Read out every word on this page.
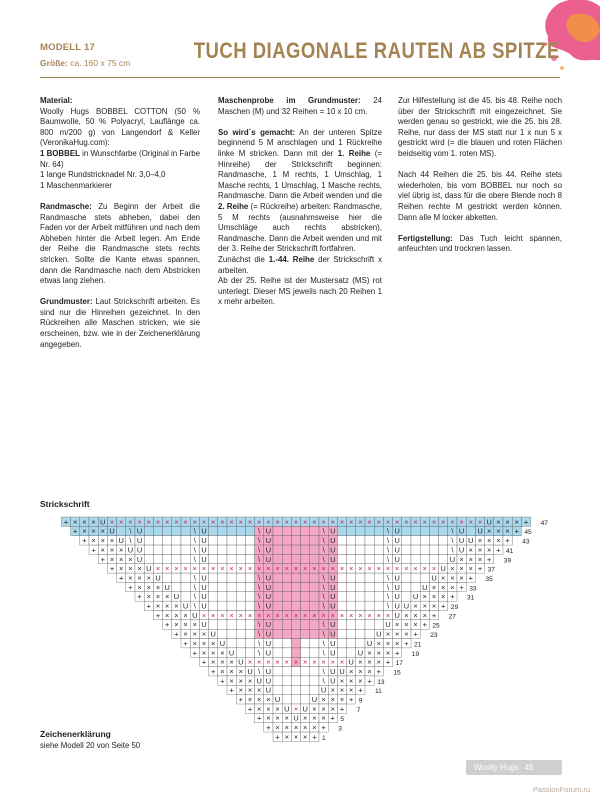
MODELL 17
Größe: ca. 160 x 75 cm	TUCH DIAGONALE RAUTEN AB SPITZE

Material:
Woolly Hugs BOBBEL COTTON (50 % Baumwolle, 50 % Polyacryl, Lauflänge ca. 800 m/200 g) von Langendorf & Keller (VeronikaHug.com):
1 BOBBEL in Wunschfarbe (Original in Farbe Nr. 64)
1 lange Rundstricknadel Nr. 3,0–4,0
1 Maschenmarkierer

Randmasche: Zu Beginn der Arbeit die Randmasche stets abheben, dabei den Faden vor der Arbeit mitführen und nach dem Abheben hinter die Arbeit legen. Am Ende der Reihe die Randmasche stets rechts stricken. Sollte die Kante etwas spannen, dann die Randmasche nach dem Abstricken etwas lang ziehen.

Grundmuster: Laut Strickschrift arbeiten. Es sind nur die Hinreihen gezeichnet. In den Rückreihen alle Maschen stricken, wie sie erscheinen, bzw. wie in der Zeichenerklärung angegeben.

Maschenprobe im Grundmuster: 24 Maschen (M) und 32 Reihen = 10 x 10 cm.

So wird´s gemacht: An der unteren Spitze beginnend 5 M anschlagen und 1 Rückreihe linke M stricken. Dann mit der 1. Reihe (= Hinreihe) der Strickschrift beginnen: Randmasche, 1 M rechts, 1 Umschlag, 1 Masche rechts, 1 Umschlag, 1 Masche rechts, Randmasche. Dann die Arbeit wenden und die 2. Reihe (= Rückreihe) arbeiten: Randmasche, 5 M rechts (ausnahmsweise hier die Umschläge auch rechts abstricken), Randmasche. Dann die Arbeit wenden und mit der 3. Reihe der Strickschrift fortfahren.
Zunächst die 1.-44. Reihe der Strickschrift x arbeiten.
Ab der 25. Reihe ist der Mustersatz (MS) rot unterlegt. Dieser MS jeweils nach 20 Reihen 1 x mehr arbeiten.

Zur Hilfestellung ist die 45. bis 48. Reihe noch über der Strickschrift mit eingezeichnet. Sie werden genau so gestrickt, wie die 25. bis 28. Reihe, nur dass der MS statt nur 1 x nun 5 x gestrickt wird (= die blauen und roten Flächen beidseitig vom 1. roten MS).

Nach 44 Reihen die 25. bis 44. Reihe stets wiederholen, bis vom BOBBEL nur noch so viel übrig ist, dass für die obere Blende noch 8 Reihen rechte M gestrickt werden können. Dann alle M locker abketten.

Fertigstellung: Das Tuch leicht spannen, anfeuchten und trocknen lassen.

Strickschrift
+ × × × U × × × × × × × × × × × × × × × × × × × × × × × × × × × × × × × × × × × × × × × × × U × × × + 47
+ × × × U \ U	\ U	\ U	\ U	\ U	\ U U × × × + 45
+ × × × U \ U	\ U	\ U	\ U	\ U	\ U U × × × + 43
+ × × × U U	\ U	\ U	\ U	\ U	\ U × × × + 41
+ × × × U	\ U	\ U	\ U	\ U	U × × × + 39
+ × × × U × × × × × × × × × × × × × × × × × × × × × × × × × × × × × × × U × × × + 37
+ × × × U	\ U	\ U	\ U	\ U	U × × × + 35
+ × × × U	\ U	\ U	\ U	\ U	U × × × + 33
+ × × × U \ U	\ U	\ U	\ U U × × × + 31
+ × × × U \ U	\ U	\ U	\ U U × × × + 29
+ × × × U × × × × × × × × × × × × × × × × × × × × × U × × × + 27
+ × × × U	\ U	\ U	U × × × + 25
+ × × × U	\ U	\ U	U × × × + 23
+ × × × U	\ U	\ U	U × × × + 21
+ × × × U	\ U	\ U	U × × × + 19
+ × × × U × × × × × × × × × × × U × × × + 17
+ × × × U \ U	\ U U × × × + 15
+ × × × U U	\ U × × × + 13
+ × × × U	U × × × + 11
+ × × × U	U × × × + 9
+ × × × U × U × × × + 7
+ × × × U × × × + 5
+ × × × × × + 3
+ × × × + 1
Zeichenerklärung
siehe Modell 20 von Seite 50
Woolly Hugs 45
PassionForum.ru
